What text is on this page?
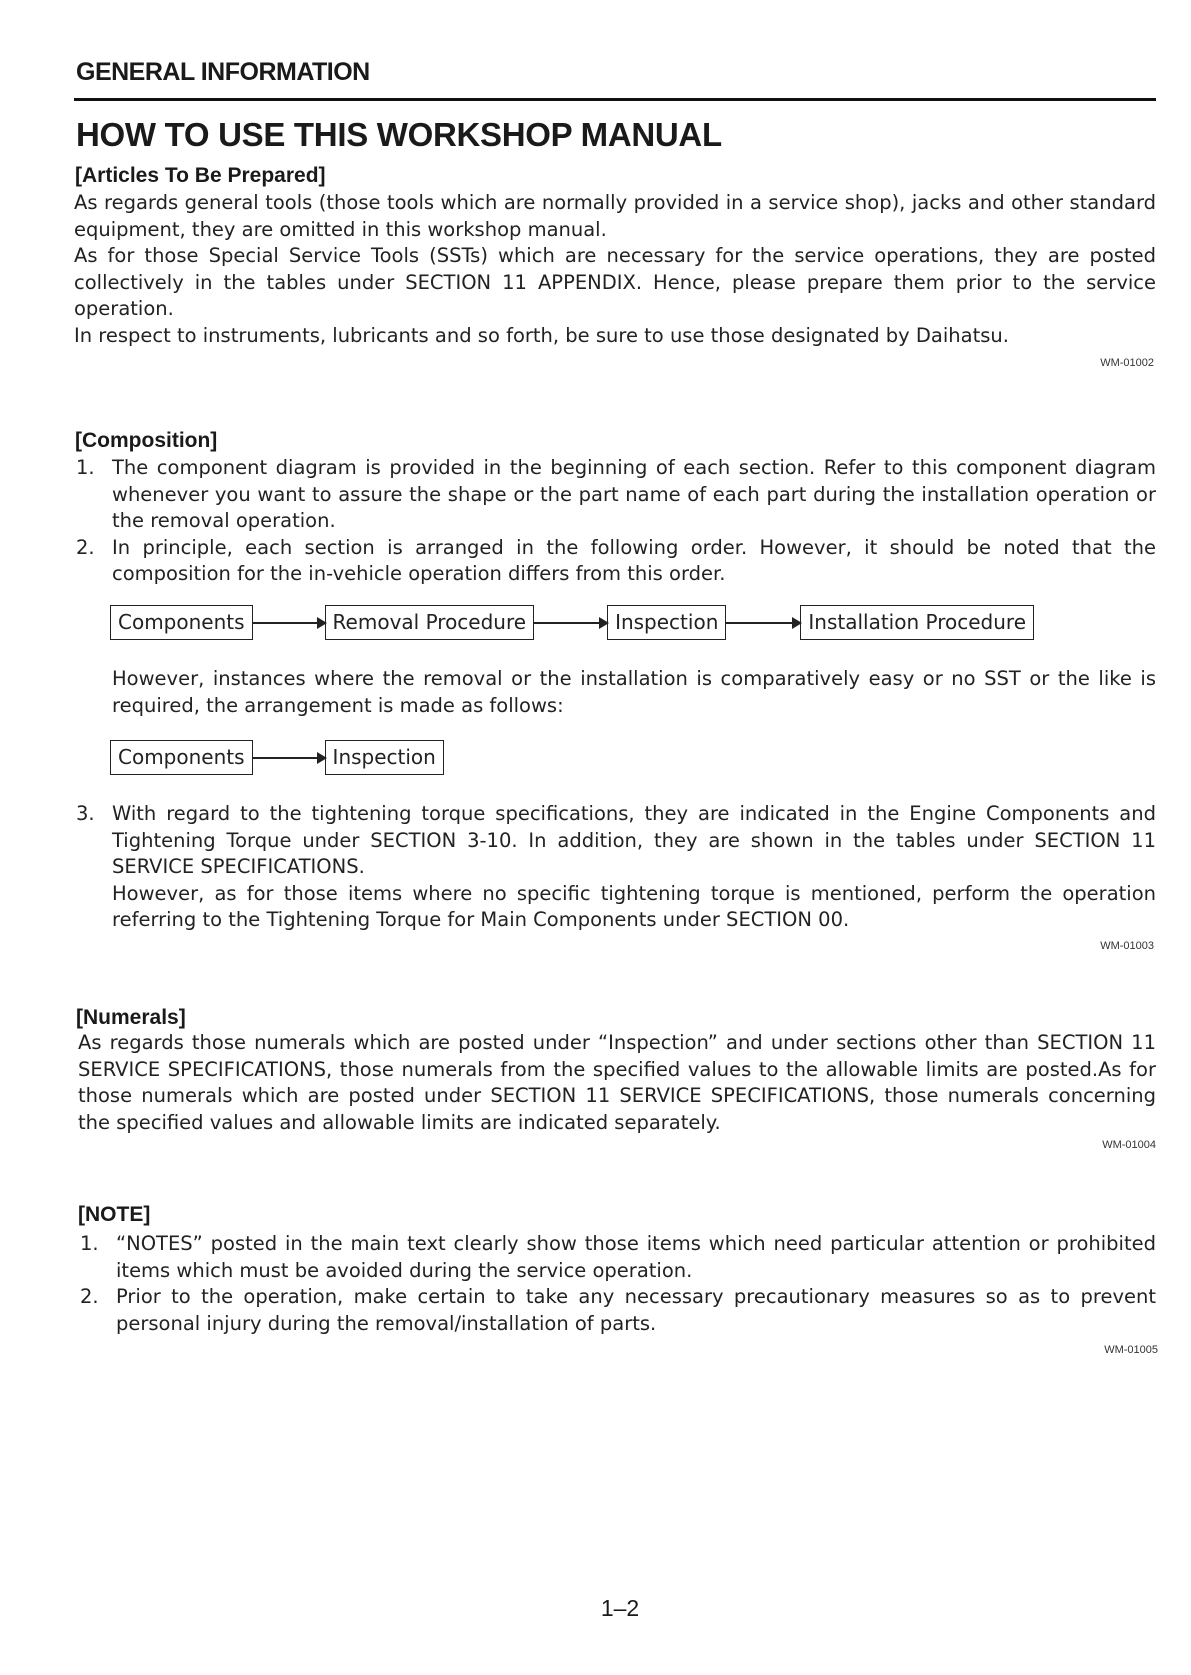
GENERAL INFORMATION
HOW TO USE THIS WORKSHOP MANUAL
[Articles To Be Prepared]

As regards general tools (those tools which are normally provided in a service shop), jacks and other standard equipment, they are omitted in this workshop manual.

As for those Special Service Tools (SSTs) which are necessary for the service operations, they are posted collectively in the tables under SECTION 11 APPENDIX. Hence, please prepare them prior to the service operation.

In respect to instruments, lubricants and so forth, be sure to use those designated by Daihatsu.

WM-01002
[Composition]
1. The component diagram is provided in the beginning of each section. Refer to this component diagram whenever you want to assure the shape or the part name of each part during the installation operation or the removal operation.
2. In principle, each section is arranged in the following order. However, it should be noted that the composition for the in-vehicle operation differs from this order.
Components	Removal Procedure	Inspection	Installation Procedure
However, instances where the removal or the installation is comparatively easy or no SST or the like is required, the arrangement is made as follows:
Components	Inspection
3. With regard to the tightening torque specifications, they are indicated in the Engine Components and Tightening Torque under SECTION 3-10. In addition, they are shown in the tables under SECTION 11 SERVICE SPECIFICATIONS.
However, as for those items where no specific tightening torque is mentioned, perform the operation referring to the Tightening Torque for Main Components under SECTION 00.
WM-01003
[Numerals]
As regards those numerals which are posted under “Inspection” and under sections other than SECTION 11 SERVICE SPECIFICATIONS, those numerals from the specified values to the allowable limits are posted.As for those numerals which are posted under SECTION 11 SERVICE SPECIFICATIONS, those numerals concerning the specified values and allowable limits are indicated separately.
WM-01004
[NOTE]
1. “NOTES” posted in the main text clearly show those items which need particular attention or prohibited items which must be avoided during the service operation.
2. Prior to the operation, make certain to take any necessary precautionary measures so as to prevent personal injury during the removal/installation of parts.
WM-01005
1–2
